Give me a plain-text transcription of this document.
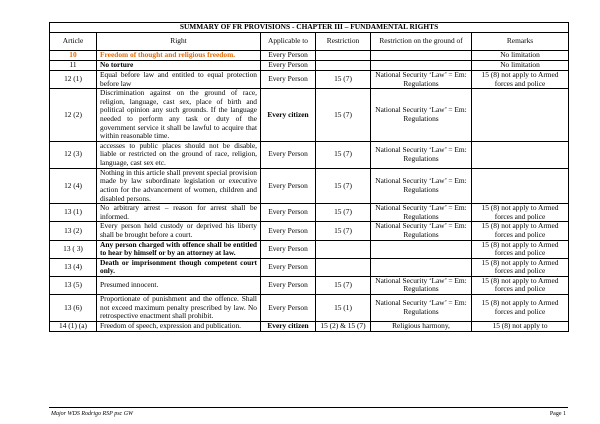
SUMMARY OF FR PROVISIONS - CHAPTER III – FUNDAMENTAL RIGHTS					
Article	Right	Applicable to	Restriction	Restriction on the ground of	Remarks
10	Freedom of thought and religious freedom.	Every Person			No limitation
11	No torture	Every Person			No limitation
12 (1)	Equal before law and entitled to equal protection before law	Every Person	15 (7)	National Security ‘Law’ = Em: Regulations	15 (8) not apply to Armed forces and police
12 (2)	Discrimination against on the ground of race, religion, language, cast sex, place of birth and political opinion any such grounds. If the language needed to perform any task or duty of the government service it shall be lawful to acquire that within reasonable time.	Every citizen	15 (7)	National Security ‘Law’ = Em: Regulations	
12 (3)	accesses to public places should not be disable, liable or restricted on the ground of race, religion, language, cast sex etc.	Every Person	15 (7)	National Security ‘Law’ = Em: Regulations	
12 (4)	Nothing in this article shall prevent special provision made by law subordinate legislation or executive action for the advancement of women, children and disabled persons.	Every Person	15 (7)	National Security ‘Law’ = Em: Regulations	
13 (1)	No arbitrary arrest – reason for arrest shall be informed.	Every Person	15 (7)	National Security ‘Law’ = Em: Regulations	15 (8) not apply to Armed forces and police
13 (2)	Every person held custody or deprived his liberty shall be brought before a court.	Every Person	15 (7)	National Security ‘Law’ = Em: Regulations	15 (8) not apply to Armed forces and police
13 ( 3)	Any person charged with offence shall be entitled to hear by himself or by an attorney at law.	Every Person			15 (8) not apply to Armed forces and police
13 (4)	Death or imprisonment though competent court only.	Every Person			15 (8) not apply to Armed forces and police
13 (5)	Presumed innocent.	Every Person	15 (7)	National Security ‘Law’ = Em: Regulations	15 (8) not apply to Armed forces and police
13 (6)	Proportionate of punishment and the offence. Shall not exceed maximum penalty prescribed by law. No retrospective enactment shall prohibit.	Every Person	15 (1)	National Security ‘Law’ = Em: Regulations	15 (8) not apply to Armed forces and police
14 (1) (a)	Freedom of speech, expression and publication.	Every citizen	15 (2) & 15 (7)	Religious harmony,	15 (8) not apply to
Major WDS Rodrigo RSP psc GW	Page 1
